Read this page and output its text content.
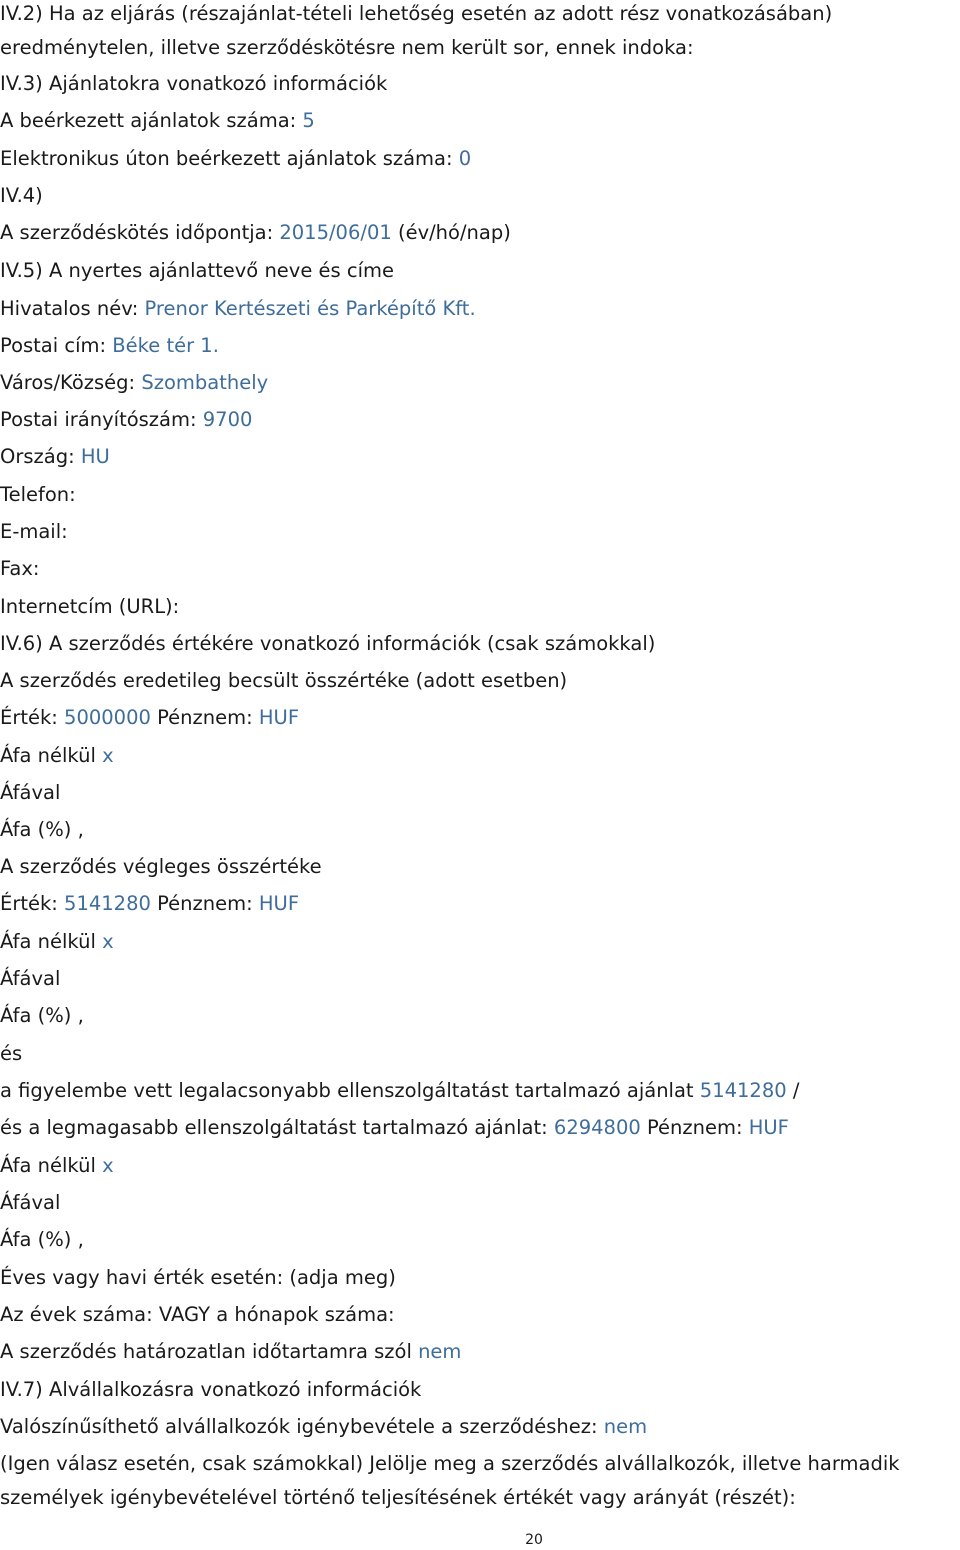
IV.2) Ha az eljárás (részajánlat-tételi lehetőség esetén az adott rész vonatkozásában)
eredménytelen, illetve szerződéskötésre nem került sor, ennek indoka:
IV.3) Ajánlatokra vonatkozó információk
A beérkezett ajánlatok száma: 5
Elektronikus úton beérkezett ajánlatok száma: 0
IV.4)
A szerződéskötés időpontja: 2015/06/01 (év/hó/nap)
IV.5) A nyertes ajánlattevő neve és címe
Hivatalos név: Prenor Kertészeti és Parképítő Kft.
Postai cím: Béke tér 1.
Város/Község: Szombathely
Postai irányítószám: 9700
Ország: HU
Telefon:
E-mail:
Fax:
Internetcím (URL):
IV.6) A szerződés értékére vonatkozó információk (csak számokkal)
A szerződés eredetileg becsült összértéke (adott esetben)
Érték: 5000000 Pénznem: HUF
Áfa nélkül x
Áfával
Áfa (%) ,
A szerződés végleges összértéke
Érték: 5141280 Pénznem: HUF
Áfa nélkül x
Áfával
Áfa (%) ,
és
a figyelembe vett legalacsonyabb ellenszolgáltatást tartalmazó ajánlat 5141280 /
és a legmagasabb ellenszolgáltatást tartalmazó ajánlat: 6294800 Pénznem: HUF
Áfa nélkül x
Áfával
Áfa (%) ,
Éves vagy havi érték esetén: (adja meg)
Az évek száma: VAGY a hónapok száma:
A szerződés határozatlan időtartamra szól nem
IV.7) Alvállalkozásra vonatkozó információk
Valószínűsíthető alvállalkozók igénybevétele a szerződéshez: nem
(Igen válasz esetén, csak számokkal) Jelölje meg a szerződés alvállalkozók, illetve harmadik
személyek igénybevételével történő teljesítésének értékét vagy arányát (részét):
20
